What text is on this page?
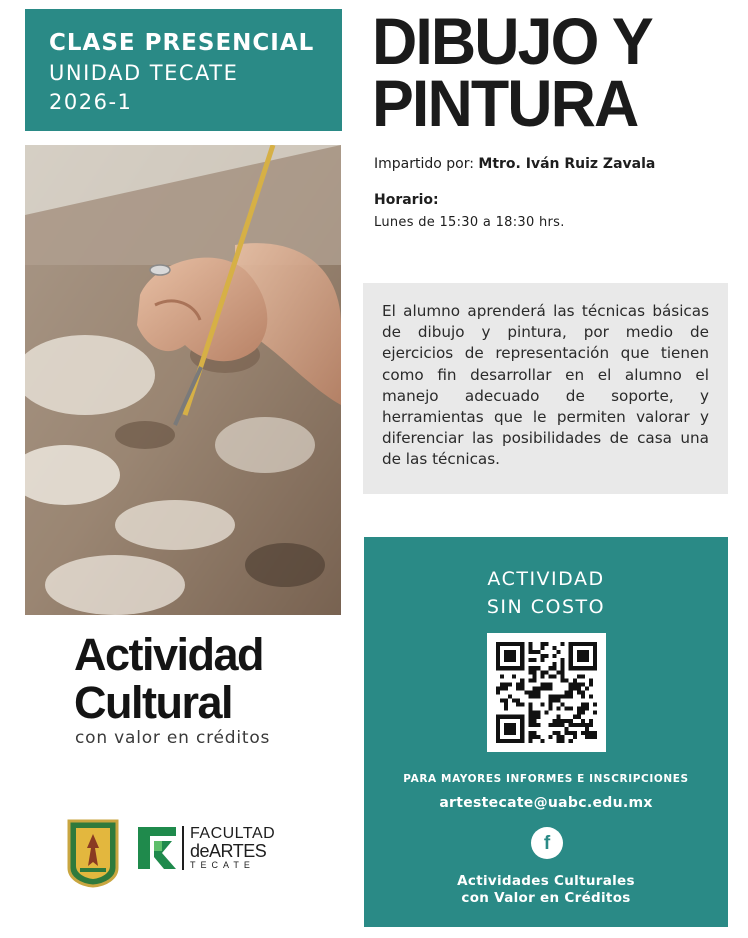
CLASE PRESENCIAL
UNIDAD TECATE
2026-1
DIBUJO Y
PINTURA
Impartido por: Mtro. Iván Ruiz Zavala
Horario:
Lunes de 15:30 a 18:30 hrs.

El alumno aprenderá las técnicas básicas de dibujo y pintura, por medio de ejercicios de representación que tienen como fin desarrollar en el alumno el manejo adecuado de soporte, y herramientas que le permiten valorar y diferenciar las posibilidades de casa una de las técnicas.

Actividad
Cultural
con valor en créditos
FACULTAD
deARTES
TECATE
ACTIVIDAD
SIN COSTO
PARA MAYORES INFORMES E INSCRIPCIONES
artestecate@uabc.edu.mx
f
Actividades Culturales
con Valor en Créditos
